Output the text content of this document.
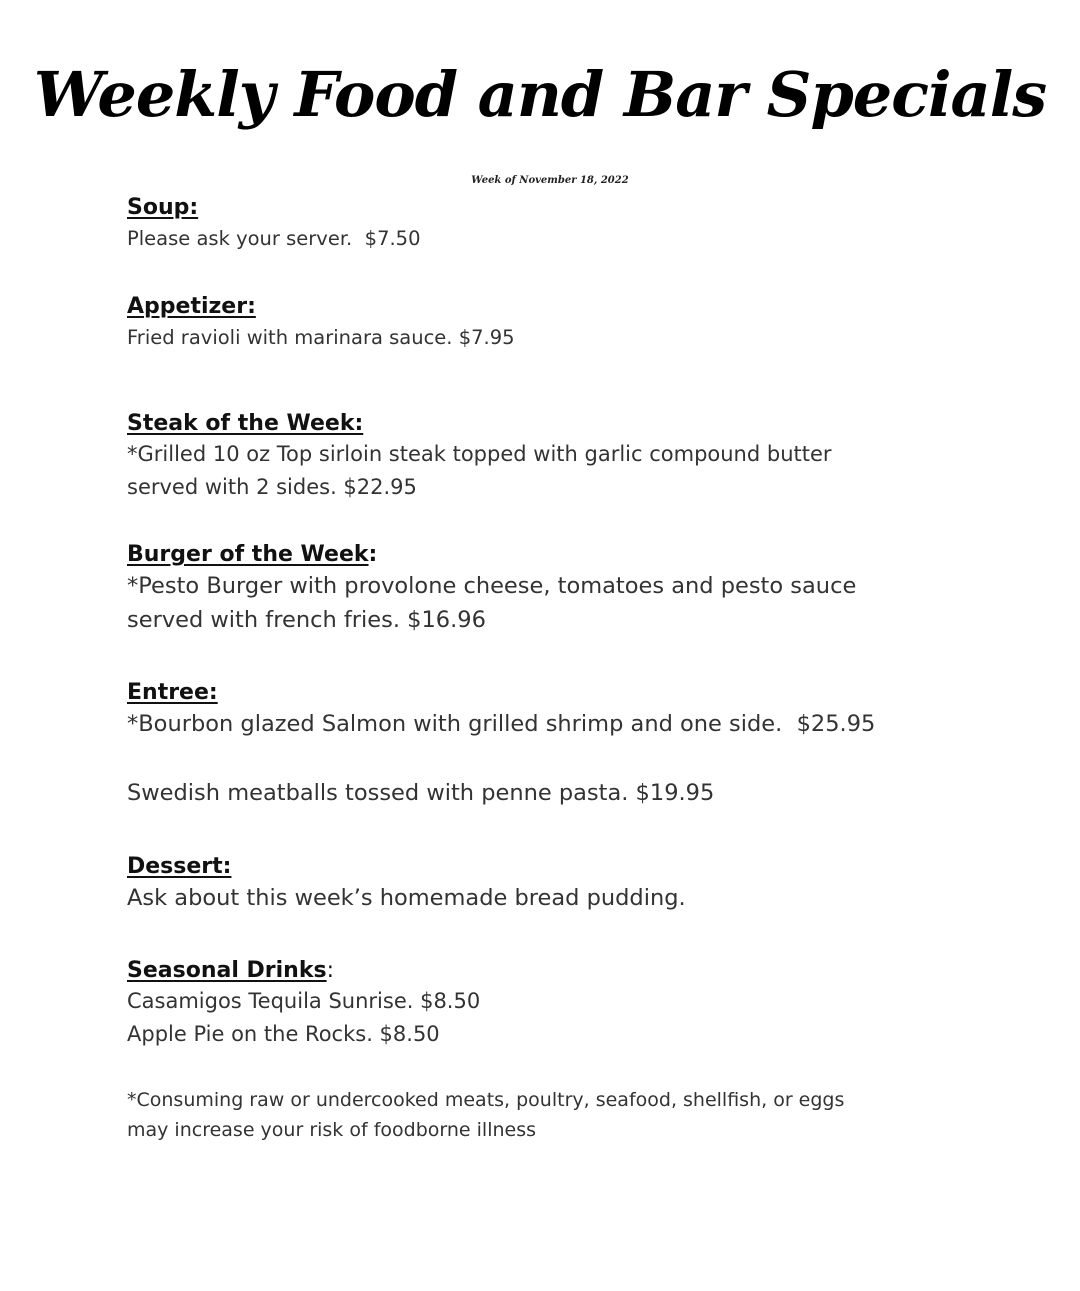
Weekly Food and Bar Specials
Week of November 18, 2022

Soup:

Please ask your server.  $7.50

Appetizer:

Fried ravioli with marinara sauce. $7.95

Steak of the Week:

*Grilled 10 oz Top sirloin steak topped with garlic compound butter

served with 2 sides. $22.95

Burger of the Week:

*Pesto Burger with provolone cheese, tomatoes and pesto sauce

served with french fries. $16.96

Entree:

*Bourbon glazed Salmon with grilled shrimp and one side.  $25.95

Swedish meatballs tossed with penne pasta. $19.95

Dessert:

Ask about this week’s homemade bread pudding.

Seasonal Drinks:

Casamigos Tequila Sunrise. $8.50

Apple Pie on the Rocks. $8.50

*Consuming raw or undercooked meats, poultry, seafood, shellfish, or eggs

may increase your risk of foodborne illness
